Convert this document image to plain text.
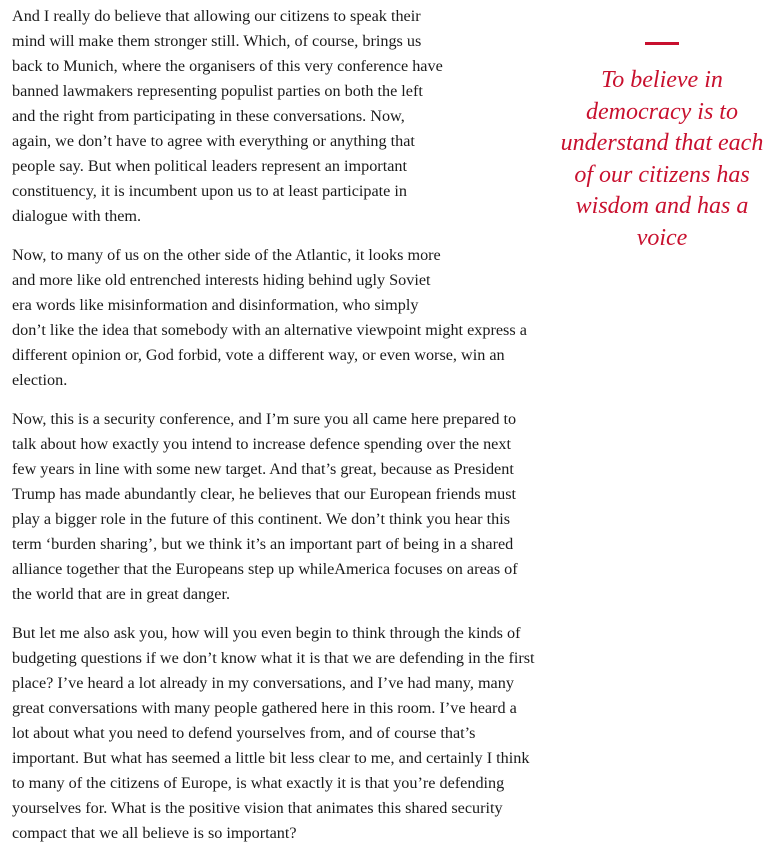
And I really do believe that allowing our citizens to speak their
mind will make them stronger still. Which, of course, brings us
back to Munich, where the organisers of this very conference have
banned lawmakers representing populist parties on both the left
and the right from participating in these conversations. Now,
again, we don’t have to agree with everything or anything that
people say. But when political leaders represent an important
constituency, it is incumbent upon us to at least participate in
dialogue with them.

Now, to many of us on the other side of the Atlantic, it looks more
and more like old entrenched interests hiding behind ugly Soviet
era words like misinformation and disinformation, who simply
don’t like the idea that somebody with an alternative viewpoint might express a
different opinion or, God forbid, vote a different way, or even worse, win an
election.

Now, this is a security conference, and I’m sure you all came here prepared to
talk about how exactly you intend to increase defence spending over the next
few years in line with some new target. And that’s great, because as President
Trump has made abundantly clear, he believes that our European friends must
play a bigger role in the future of this continent. We don’t think you hear this
term ‘burden sharing’, but we think it’s an important part of being in a shared
alliance together that the Europeans step up whileAmerica focuses on areas of
the world that are in great danger.

But let me also ask you, how will you even begin to think through the kinds of
budgeting questions if we don’t know what it is that we are defending in the first
place? I’ve heard a lot already in my conversations, and I’ve had many, many
great conversations with many people gathered here in this room. I’ve heard a
lot about what you need to defend yourselves from, and of course that’s
important. But what has seemed a little bit less clear to me, and certainly I think
to many of the citizens of Europe, is what exactly it is that you’re defending
yourselves for. What is the positive vision that animates this shared security
compact that we all believe is so important?

To believe in
democracy is to
understand that each
of our citizens has
wisdom and has a
voice
